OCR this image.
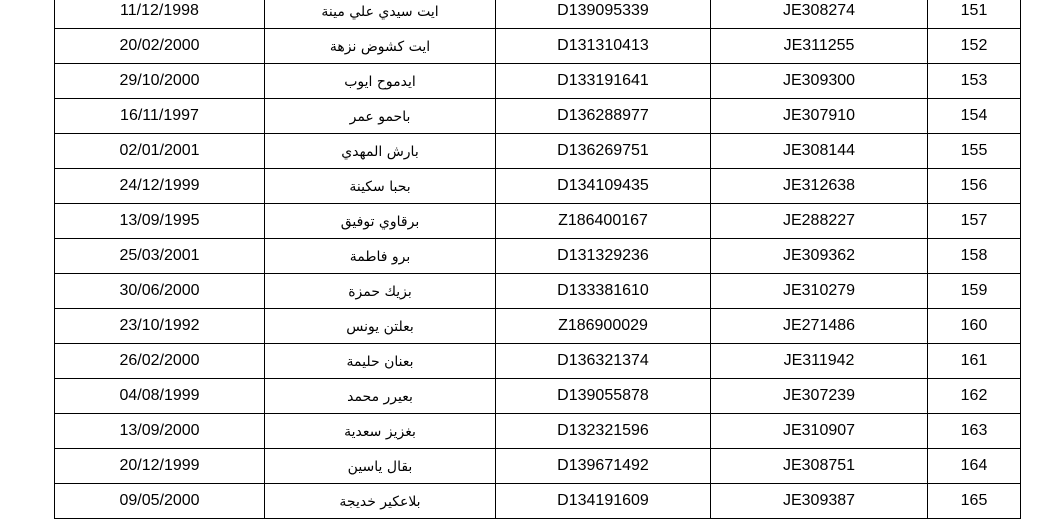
11/12/1998	ايت سيدي علي مينة	D139095339	JE308274	151
20/02/2000	ايت كشوض نزهة	D131310413	JE311255	152
29/10/2000	ايدموح ايوب	D133191641	JE309300	153
16/11/1997	باحمو عمر	D136288977	JE307910	154
02/01/2001	بارش المهدي	D136269751	JE308144	155
24/12/1999	بحبا سكينة	D134109435	JE312638	156
13/09/1995	برقاوي توفيق	Z186400167	JE288227	157
25/03/2001	برو فاطمة	D131329236	JE309362	158
30/06/2000	بزيك حمزة	D133381610	JE310279	159
23/10/1992	بعلتن يونس	Z186900029	JE271486	160
26/02/2000	بعنان حليمة	D136321374	JE311942	161
04/08/1999	بعيرر محمد	D139055878	JE307239	162
13/09/2000	بغزيز سعدية	D132321596	JE310907	163
20/12/1999	بقال ياسين	D139671492	JE308751	164
09/05/2000	بلاعكير خديجة	D134191609	JE309387	165
